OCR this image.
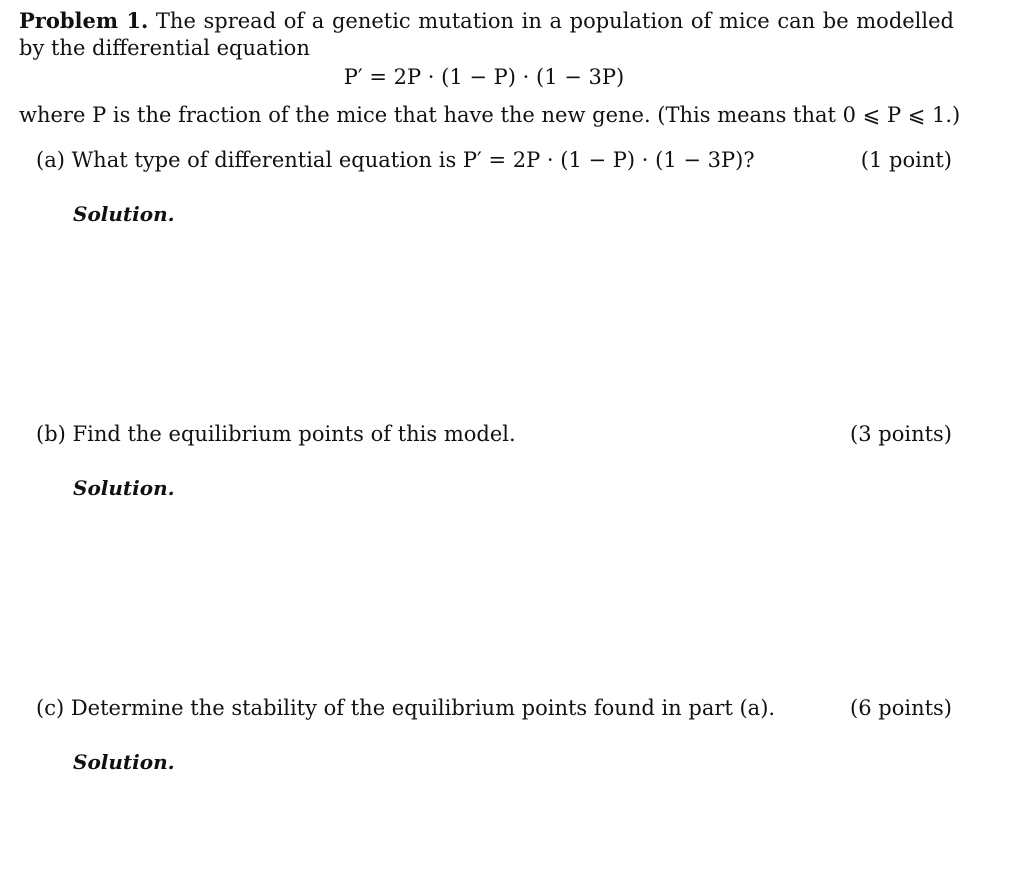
Problem 1. The spread of a genetic mutation in a population of mice can be modelled by the differential equation
P′ = 2P · (1 − P) · (1 − 3P)
where P is the fraction of the mice that have the new gene. (This means that 0 ⩽ P ⩽ 1.)
(a) What type of differential equation is P′ = 2P · (1 − P) · (1 − 3P)?	(1 point)
Solution.
(b) Find the equilibrium points of this model.	(3 points)
Solution.
(c) Determine the stability of the equilibrium points found in part (a).	(6 points)
Solution.
